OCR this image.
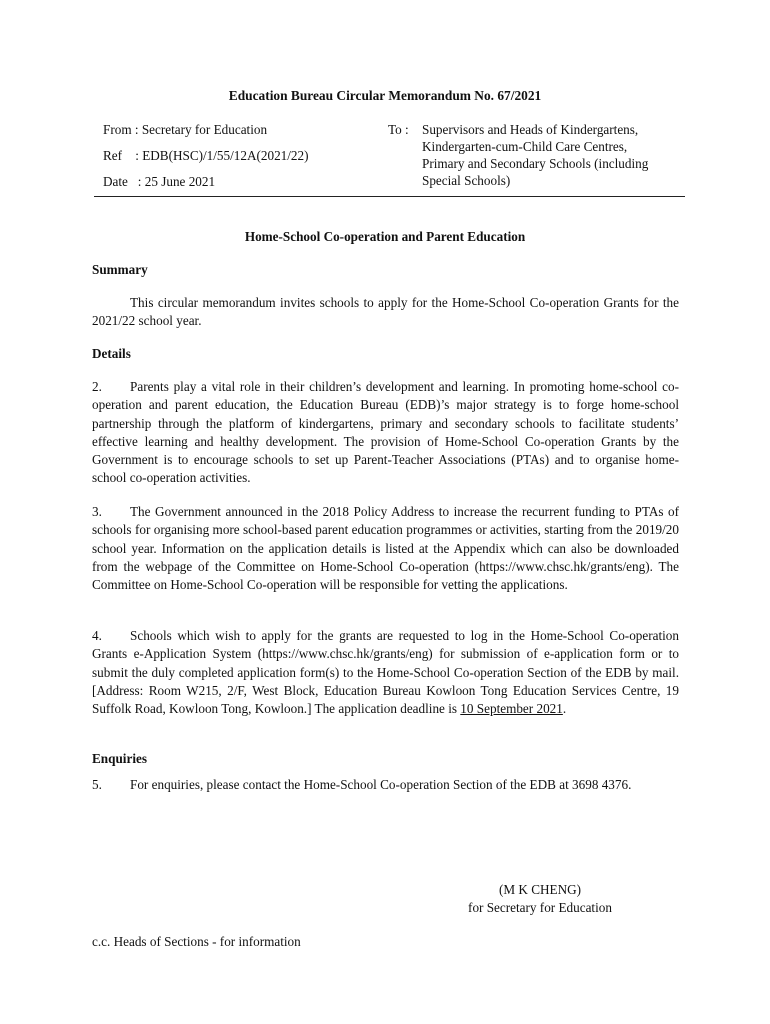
Education Bureau Circular Memorandum No. 67/2021
From : Secretary for Education
Ref    : EDB(HSC)/1/55/12A(2021/22)
Date   : 25 June 2021
To : Supervisors and Heads of Kindergartens,
Kindergarten-cum-Child Care Centres,
Primary and Secondary Schools (including
Special Schools)
Home-School Co-operation and Parent Education
Summary
This circular memorandum invites schools to apply for the Home-School Co-operation Grants for the 2021/22 school year.
Details
2. Parents play a vital role in their children’s development and learning. In promoting home-school co-operation and parent education, the Education Bureau (EDB)’s major strategy is to forge home-school partnership through the platform of kindergartens, primary and secondary schools to facilitate students’ effective learning and healthy development. The provision of Home-School Co-operation Grants by the Government is to encourage schools to set up Parent-Teacher Associations (PTAs) and to organise home-school co-operation activities.
3. The Government announced in the 2018 Policy Address to increase the recurrent funding to PTAs of schools for organising more school-based parent education programmes or activities, starting from the 2019/20 school year. Information on the application details is listed at the Appendix which can also be downloaded from the webpage of the Committee on Home-School Co-operation (https://www.chsc.hk/grants/eng). The Committee on Home-School Co-operation will be responsible for vetting the applications.
4. Schools which wish to apply for the grants are requested to log in the Home-School Co-operation Grants e-Application System (https://www.chsc.hk/grants/eng) for submission of e-application form or to submit the duly completed application form(s) to the Home-School Co-operation Section of the EDB by mail. [Address: Room W215, 2/F, West Block, Education Bureau Kowloon Tong Education Services Centre, 19 Suffolk Road, Kowloon Tong, Kowloon.] The application deadline is 10 September 2021.
Enquiries
5. For enquiries, please contact the Home-School Co-operation Section of the EDB at 3698 4376.
(M K CHENG)
for Secretary for Education
c.c. Heads of Sections - for information
